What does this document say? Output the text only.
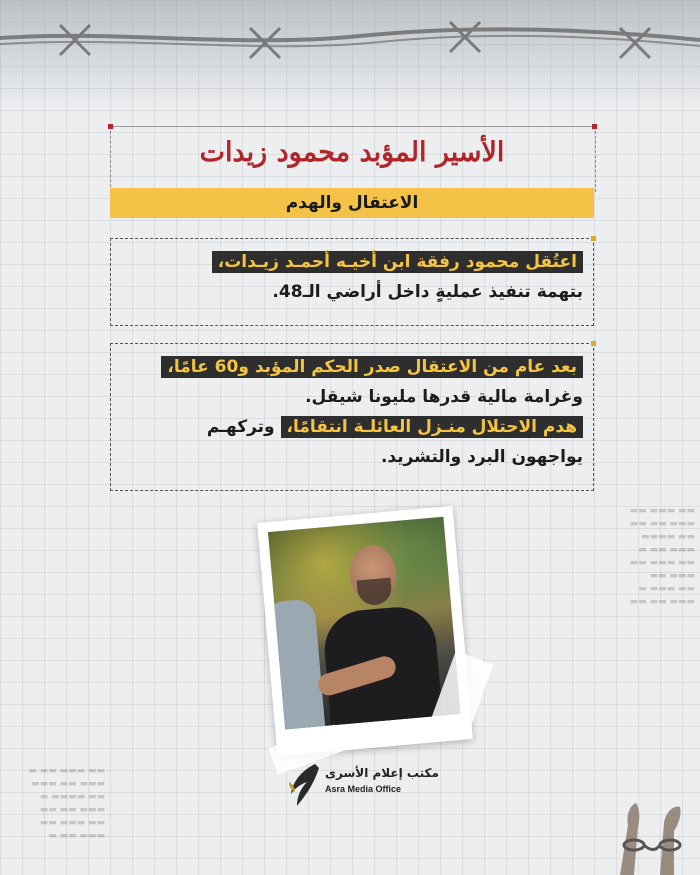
▬▬ ▬▬▬ ▬▬
▬▬▬ ▬▬ ▬▬
▬▬ ▬▬▬▬
▬▬▬ ▬▬ ▬
▬▬ ▬▬▬ ▬▬
▬▬▬ ▬▬
▬▬ ▬▬▬ ▬
▬▬▬ ▬▬ ▬▬
▬▬ ▬▬▬ ▬▬ ▬
▬▬▬ ▬▬ ▬▬▬
▬▬ ▬▬▬▬ ▬
▬▬▬ ▬▬ ▬▬
▬▬ ▬▬▬ ▬▬
▬▬▬ ▬▬ ▬
الأسير المؤبد محمود زيدات
الاعتقال والهدم
اعتُقل محمود رفقة ابن أخيـه أحمـد زيـدات،
بتهمة تنفيذ عمليةٍ داخل أراضي الـ48.
بعد عام من الاعتقال صدر الحكم المؤبد و60 عامًا،
وغرامة مالية قدرها مليونا شيقل.
هدم الاحتلال منـزل العائلـة انتقامًا، وتركهـم
يواجهون البرد والتشريد.
مكتب إعلام الأسرى
Asra Media Office
